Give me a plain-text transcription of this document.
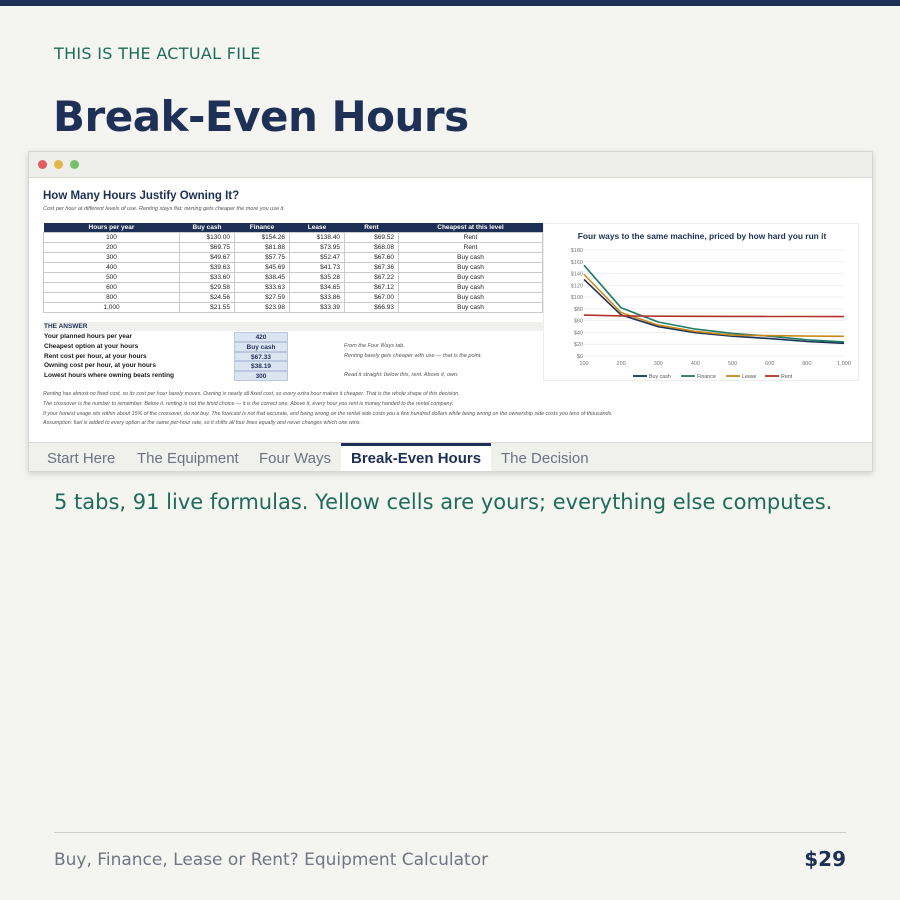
THIS IS THE ACTUAL FILE
Break-Even Hours
How Many Hours Justify Owning It?
Cost per hour at different levels of use. Renting stays flat; owning gets cheaper the more you use it.
Hours per year	Buy cash	Finance	Lease	Rent	Cheapest at this level
100	$130.00	$154.26	$138.40	$69.52	Rent
200	$69.75	$81.88	$73.95	$68.08	Rent
300	$49.67	$57.75	$52.47	$67.60	Buy cash
400	$39.63	$45.69	$41.73	$67.36	Buy cash
500	$33.60	$38.45	$35.28	$67.22	Buy cash
600	$29.58	$33.63	$34.65	$67.12	Buy cash
800	$24.56	$27.59	$33.86	$67.00	Buy cash
1,000	$21.55	$23.98	$33.39	$66.93	Buy cash
THE ANSWER
Your planned hours per year	420
Cheapest option at your hours	Buy cash	From the Four Ways tab.
Rent cost per hour, at your hours	$67.33	Renting barely gets cheaper with use — that is the point.
Owning cost per hour, at your hours	$38.19
Lowest hours where owning beats renting	300	Read it straight: below this, rent. Above it, own.
Renting has almost no fixed cost, so its cost per hour barely moves. Owning is nearly all fixed cost, so every extra hour makes it cheaper. That is the whole shape of this decision.
The crossover is the number to remember. Below it, renting is not the timid choice — it is the correct one. Above it, every hour you rent is money handed to the rental company.
If your honest usage sits within about 15% of the crossover, do not buy. The forecast is not that accurate, and being wrong on the rental side costs you a few hundred dollars while being wrong on the ownership side costs you tens of thousands.
Assumption: fuel is added to every option at the same per-hour rate, so it shifts all four lines equally and never changes which one wins.
Four ways to the same machine, priced by how hard you run it
$0
$20
$40
$60
$80
$100
$120
$140
$160
$180
100	200	300	400	500	600	800	1,000
Buy cash	Finance	Lease	Rent
Start Here	The Equipment	Four Ways	Break-Even Hours	The Decision
5 tabs, 91 live formulas. Yellow cells are yours; everything else computes.
Buy, Finance, Lease or Rent? Equipment Calculator	$29
